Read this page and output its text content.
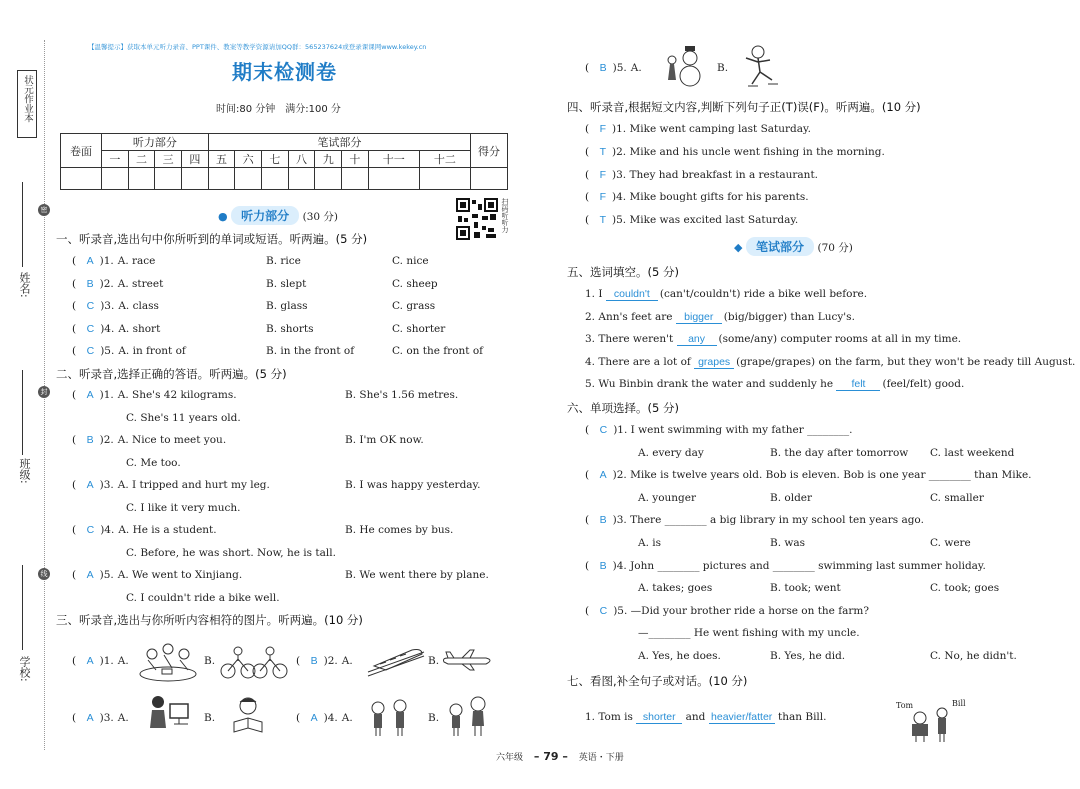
状元作业本
密
封
线
姓名:
班级:
学校:
【温馨提示】获取本单元听力录音、PPT课件、教案等教学资源请加QQ群：565237624或登录课课网www.kekey.cn
期末检测卷
时间:80 分钟　满分:100 分
卷面	听力部分				笔试部分								得分
	一	二	三	四	五	六	七	八	九	十	十一	十二	

扫码听听力
● 听力部分 (30 分)
一、听录音,选出句中你所听到的单词或短语。听两遍。(5 分)
( A )1. A. race	B. rice	C. nice
( B )2. A. street	B. slept	C. sheep
( C )3. A. class	B. glass	C. grass
( C )4. A. short	B. shorts	C. shorter
( C )5. A. in front of	B. in the front of	C. on the front of
二、听录音,选择正确的答语。听两遍。(5 分)
( A )1. A. She's 42 kilograms.	B. She's 1.56 metres.
C. She's 11 years old.
( B )2. A. Nice to meet you.	B. I'm OK now.
C. Me too.
( A )3. A. I tripped and hurt my leg.	B. I was happy yesterday.
C. I like it very much.
( C )4. A. He is a student.	B. He comes by bus.
C. Before, he was short. Now, he is tall.
( A )5. A. We went to Xinjiang.	B. We went there by plane.
C. I couldn't ride a bike well.
三、听录音,选出与你所听内容相符的图片。听两遍。(10 分)
( A )1. A.	B.	( B )2. A.	B.
( A )3. A.	B.	( A )4. A.	B.
( B )5. A.	B.
四、听录音,根据短文内容,判断下列句子正(T)误(F)。听两遍。(10 分)
( F )1. Mike went camping last Saturday.
( T )2. Mike and his uncle went fishing in the morning.
( F )3. They had breakfast in a restaurant.
( F )4. Mike bought gifts for his parents.
( T )5. Mike was excited last Saturday.
◆ 笔试部分 (70 分)
五、选词填空。(5 分)
1. I couldn't (can't/couldn't) ride a bike well before.
2. Ann's feet are bigger (big/bigger) than Lucy's.
3. There weren't any (some/any) computer rooms at all in my time.
4. There are a lot of grapes (grape/grapes) on the farm, but they won't be ready till August.
5. Wu Binbin drank the water and suddenly he felt (feel/felt) good.
六、单项选择。(5 分)
( C )1. I went swimming with my father ________.
A. every day	B. the day after tomorrow C. last weekend
( A )2. Mike is twelve years old. Bob is eleven. Bob is one year ________ than Mike.
A. younger	B. older	C. smaller
( B )3. There ________ a big library in my school ten years ago.
A. is	B. was	C. were
( B )4. John ________ pictures and ________ swimming last summer holiday.
A. takes; goes	B. took; went	C. took; goes
( C )5. —Did your brother ride a horse on the farm?
—________ He went fishing with my uncle.
A. Yes, he does.	B. Yes, he did.	C. No, he didn't.
七、看图,补全句子或对话。(10 分)
1. Tom is shorter and heavier/fatter than Bill.
Tom	Bill
六年级 – 79 – 英语・下册
